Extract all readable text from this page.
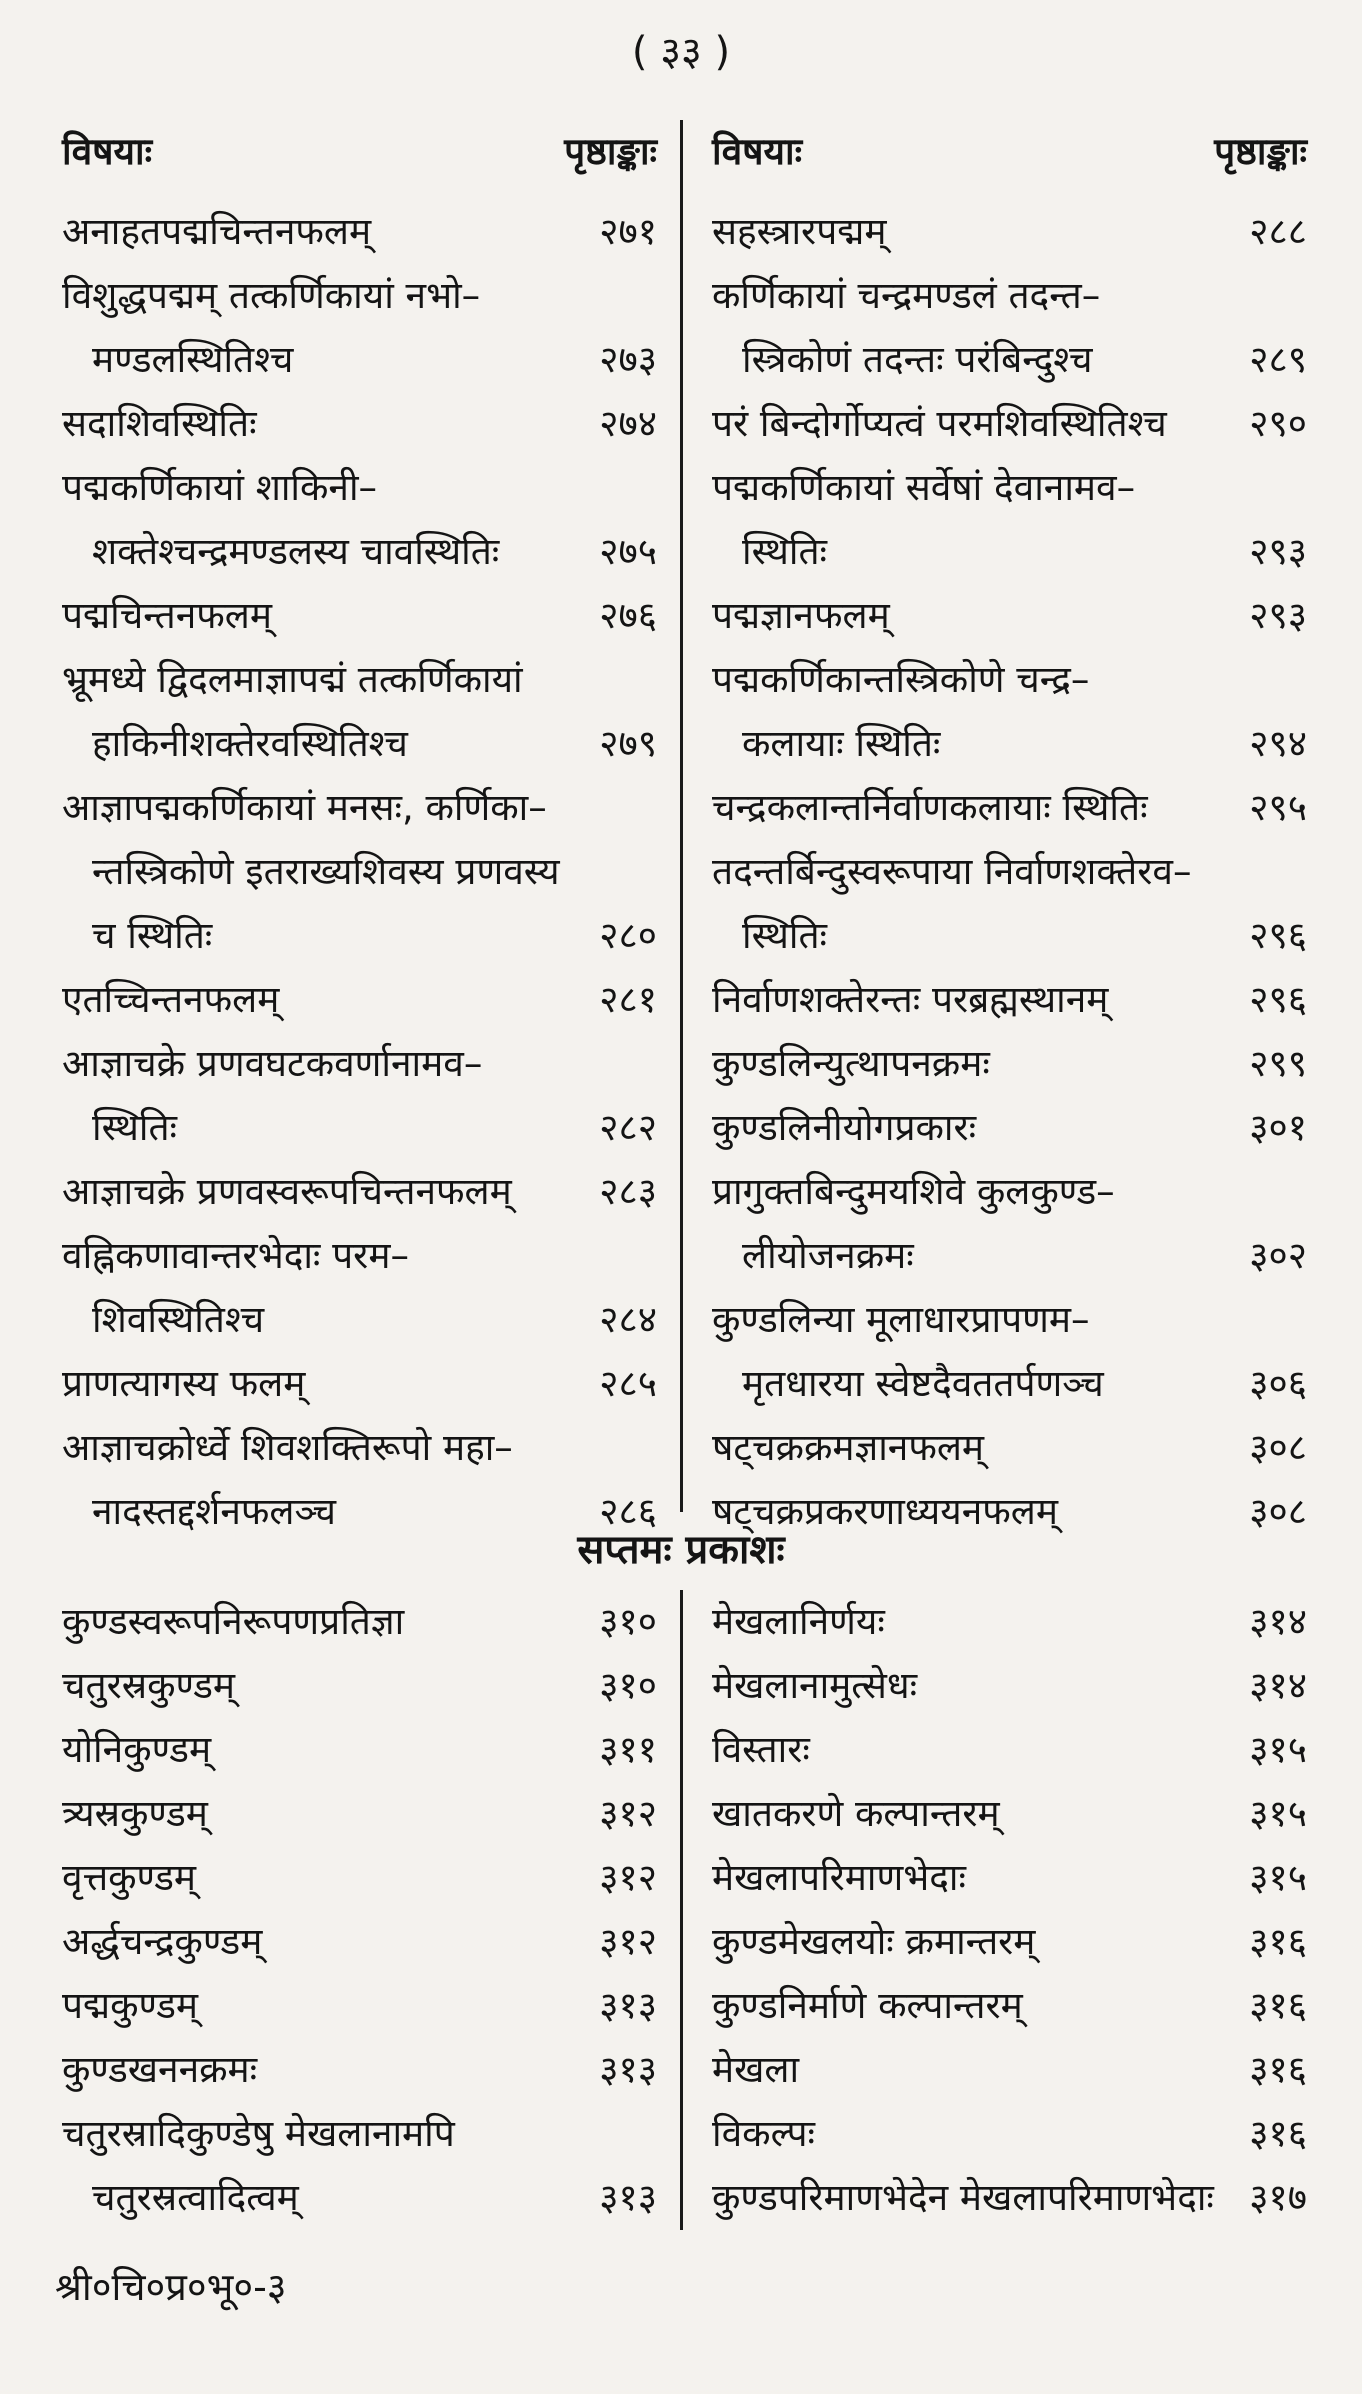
( ३३ )
विषयाः	पृष्ठाङ्काः विषयाः	पृष्ठाङ्काः
अनाहतपद्मचिन्तनफलम्	२७१
विशुद्धपद्मम् तत्कर्णिकायां नभो–
मण्डलस्थितिश्च	२७३
सदाशिवस्थितिः	२७४
पद्मकर्णिकायां शाकिनी–
शक्तेश्चन्द्रमण्डलस्य चावस्थितिः	२७५
पद्मचिन्तनफलम्	२७६
भ्रूमध्ये द्विदलमाज्ञापद्मं तत्कर्णिकायां
हाकिनीशक्तेरवस्थितिश्च	२७९
आज्ञापद्मकर्णिकायां मनसः, कर्णिका–
न्तस्त्रिकोणे इतराख्यशिवस्य प्रणवस्य
च स्थितिः	२८०
एतच्चिन्तनफलम्	२८१
आज्ञाचक्रे प्रणवघटकवर्णानामव–
स्थितिः	२८२
आज्ञाचक्रे प्रणवस्वरूपचिन्तनफलम् २८३
वह्निकणावान्तरभेदाः परम–
शिवस्थितिश्च	२८४
प्राणत्यागस्य फलम्	२८५
आज्ञाचक्रोर्ध्वे शिवशक्तिरूपो महा–
नादस्तद्दर्शनफलञ्च	२८६
सहस्त्रारपद्मम्	२८८
कर्णिकायां चन्द्रमण्डलं तदन्त–
स्त्रिकोणं तदन्तः परंबिन्दुश्च	२८९
परं बिन्दोर्गोप्यत्वं परमशिवस्थितिश्च २९०
पद्मकर्णिकायां सर्वेषां देवानामव–
स्थितिः	२९३
पद्मज्ञानफलम्	२९३
पद्मकर्णिकान्तस्त्रिकोणे चन्द्र–
कलायाः स्थितिः	२९४
चन्द्रकलान्तर्निर्वाणकलायाः स्थितिः	२९५
तदन्तर्बिन्दुस्वरूपाया निर्वाणशक्तेरव–
स्थितिः	२९६
निर्वाणशक्तेरन्तः परब्रह्मस्थानम्	२९६
कुण्डलिन्युत्थापनक्रमः	२९९
कुण्डलिनीयोगप्रकारः	३०१
प्रागुक्तबिन्दुमयशिवे कुलकुण्ड–
लीयोजनक्रमः	३०२
कुण्डलिन्या मूलाधारप्रापणम–
मृतधारया स्वेष्टदैवततर्पणञ्च	३०६
षट्चक्रक्रमज्ञानफलम्	३०८
षट्चक्रप्रकरणाध्ययनफलम्	३०८
सप्तमः प्रकाशः
कुण्डस्वरूपनिरूपणप्रतिज्ञा	३१०
चतुरस्रकुण्डम्	३१०
योनिकुण्डम्	३११
त्र्यस्रकुण्डम्	३१२
वृत्तकुण्डम्	३१२
अर्द्धचन्द्रकुण्डम्	३१२
पद्मकुण्डम्	३१३
कुण्डखननक्रमः	३१३
चतुरस्रादिकुण्डेषु मेखलानामपि
चतुरस्रत्वादित्वम्	३१३
मेखलानिर्णयः	३१४
मेखलानामुत्सेधः	३१४
विस्तारः	३१५
खातकरणे कल्पान्तरम्	३१५
मेखलापरिमाणभेदाः	३१५
कुण्डमेखलयोः क्रमान्तरम्	३१६
कुण्डनिर्माणे कल्पान्तरम्	३१६
मेखला	३१६
विकल्पः	३१६
कुण्डपरिमाणभेदेन मेखलापरिमाणभेदाः ३१७
श्री०चि०प्र०भू०-३
